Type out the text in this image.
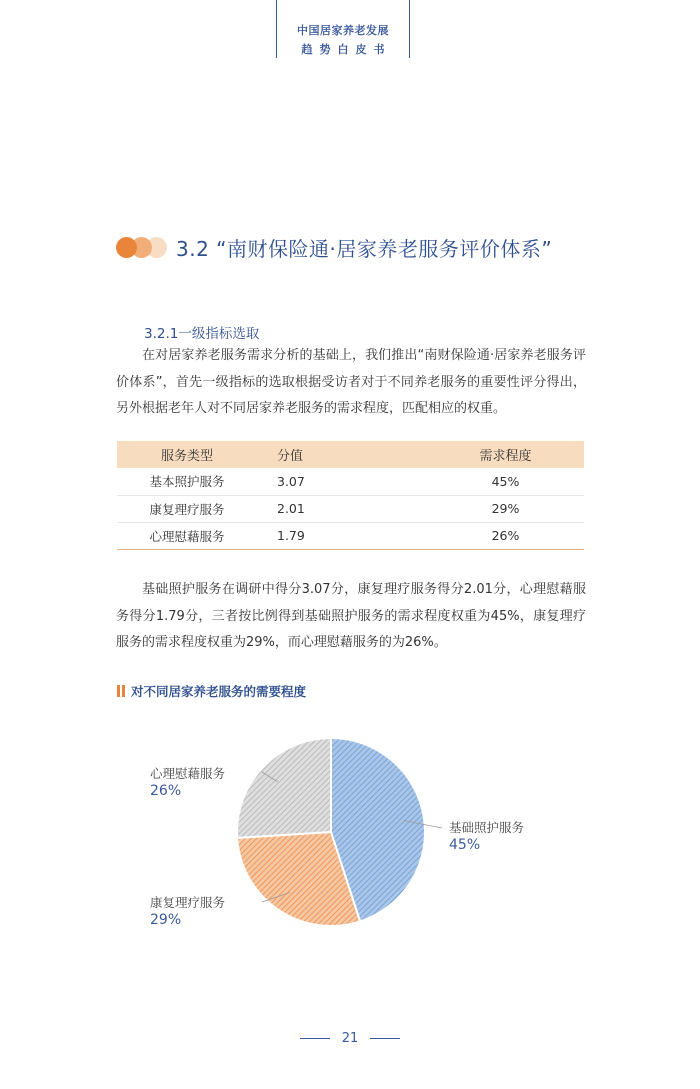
中国居家养老发展
趋势白皮书
3.2 “南财保险通·居家养老服务评价体系”
3.2.1一级指标选取

在对居家养老服务需求分析的基础上，我们推出“南财保险通·居家养老服务评价体系”，首先一级指标的选取根据受访者对于不同养老服务的重要性评分得出，另外根据老年人对不同居家养老服务的需求程度，匹配相应的权重。

服务类型	分值	需求程度
基本照护服务	3.07	45%
康复理疗服务	2.01	29%
心理慰藉服务	1.79	26%

基础照护服务在调研中得分3.07分，康复理疗服务得分2.01分，心理慰藉服务得分1.79分，三者按比例得到基础照护服务的需求程度权重为45%，康复理疗服务的需求程度权重为29%，而心理慰藉服务的为26%。

对不同居家养老服务的需要程度
心理慰藉服务
26%
基础照护服务
45%
康复理疗服务
29%
21
